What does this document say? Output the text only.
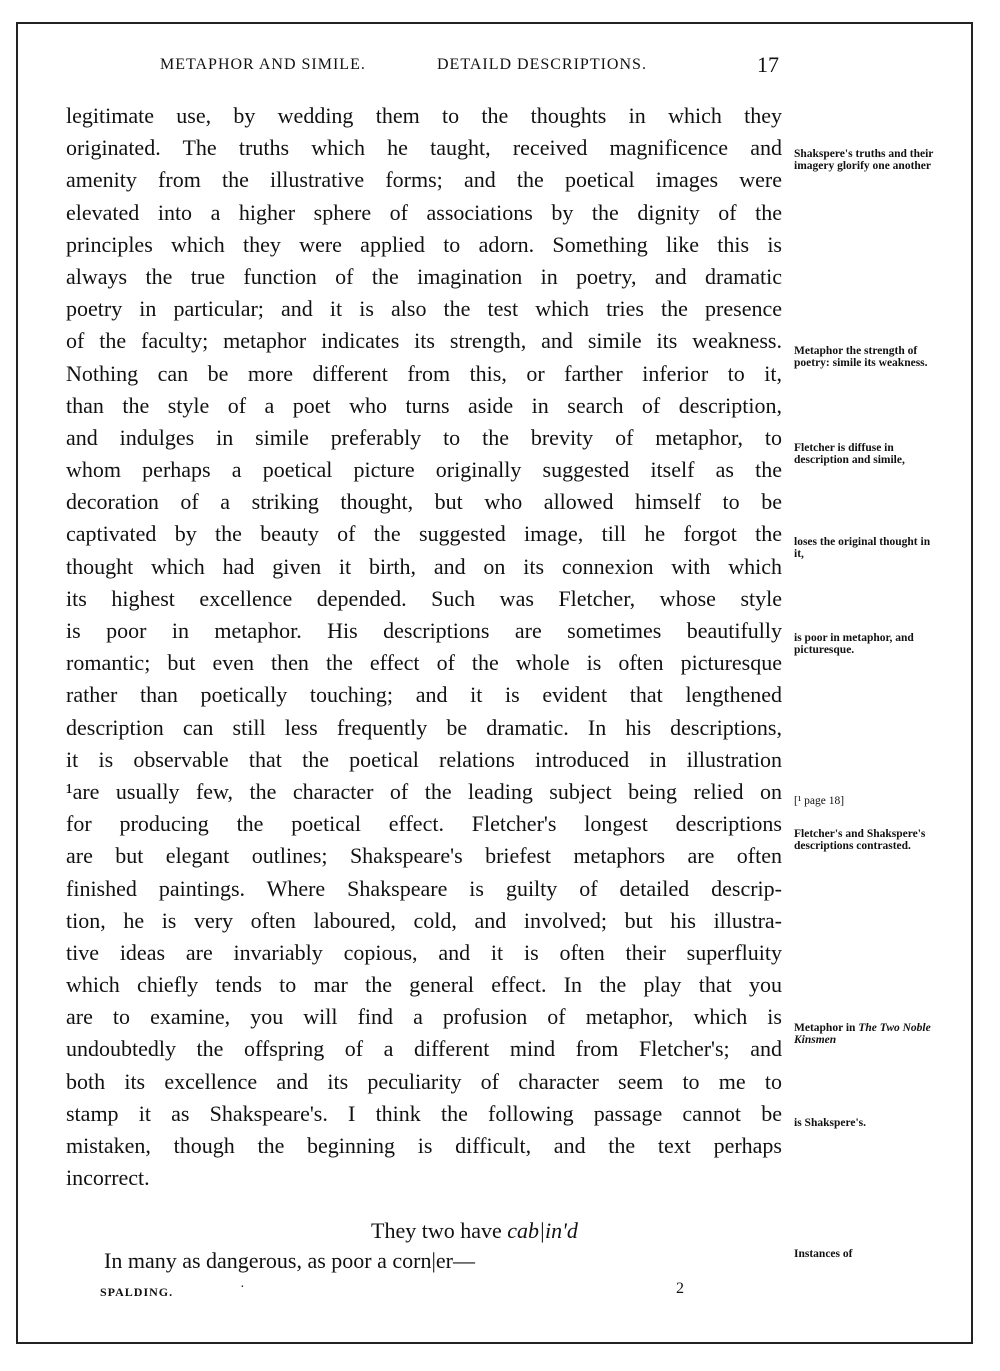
METAPHOR AND SIMILE.	DETAILD DESCRIPTIONS.	17
legitimate use, by wedding them to the thoughts in which they
originated. The truths which he taught, received magnificence and
amenity from the illustrative forms; and the poetical images were
elevated into a higher sphere of associations by the dignity of the
principles which they were applied to adorn. Something like this is
always the true function of the imagination in poetry, and dramatic
poetry in particular; and it is also the test which tries the presence
of the faculty; metaphor indicates its strength, and simile its weakness.
Nothing can be more different from this, or farther inferior to it,
than the style of a poet who turns aside in search of description,
and indulges in simile preferably to the brevity of metaphor, to
whom perhaps a poetical picture originally suggested itself as the
decoration of a striking thought, but who allowed himself to be
captivated by the beauty of the suggested image, till he forgot the
thought which had given it birth, and on its connexion with which
its highest excellence depended. Such was Fletcher, whose style
is poor in metaphor. His descriptions are sometimes beautifully
romantic; but even then the effect of the whole is often picturesque
rather than poetically touching; and it is evident that lengthened
description can still less frequently be dramatic. In his descriptions,
it is observable that the poetical relations introduced in illustration
¹are usually few, the character of the leading subject being relied on
for producing the poetical effect. Fletcher's longest descriptions
are but elegant outlines; Shakspeare's briefest metaphors are often
finished paintings. Where Shakspeare is guilty of detailed descrip-
tion, he is very often laboured, cold, and involved; but his illustra-
tive ideas are invariably copious, and it is often their superfluity
which chiefly tends to mar the general effect. In the play that you
are to examine, you will find a profusion of metaphor, which is
undoubtedly the offspring of a different mind from Fletcher's; and
both its excellence and its peculiarity of character seem to me to
stamp it as Shakspeare's. I think the following passage cannot be
mistaken, though the beginning is difficult, and the text perhaps
incorrect.
Shakspere's truths and their imagery glorify one another
Metaphor the strength of poetry: simile its weakness.
Fletcher is diffuse in description and simile,
loses the original thought in it,
is poor in metaphor, and picturesque.
[¹ page 18]
Fletcher's and Shakspere's descriptions contrasted.
Metaphor in The Two Noble Kinsmen
is Shakspere's.
Instances of
They two have cab|in'd
In many as dangerous, as poor a corn|er—
SPALDING.	·	2
